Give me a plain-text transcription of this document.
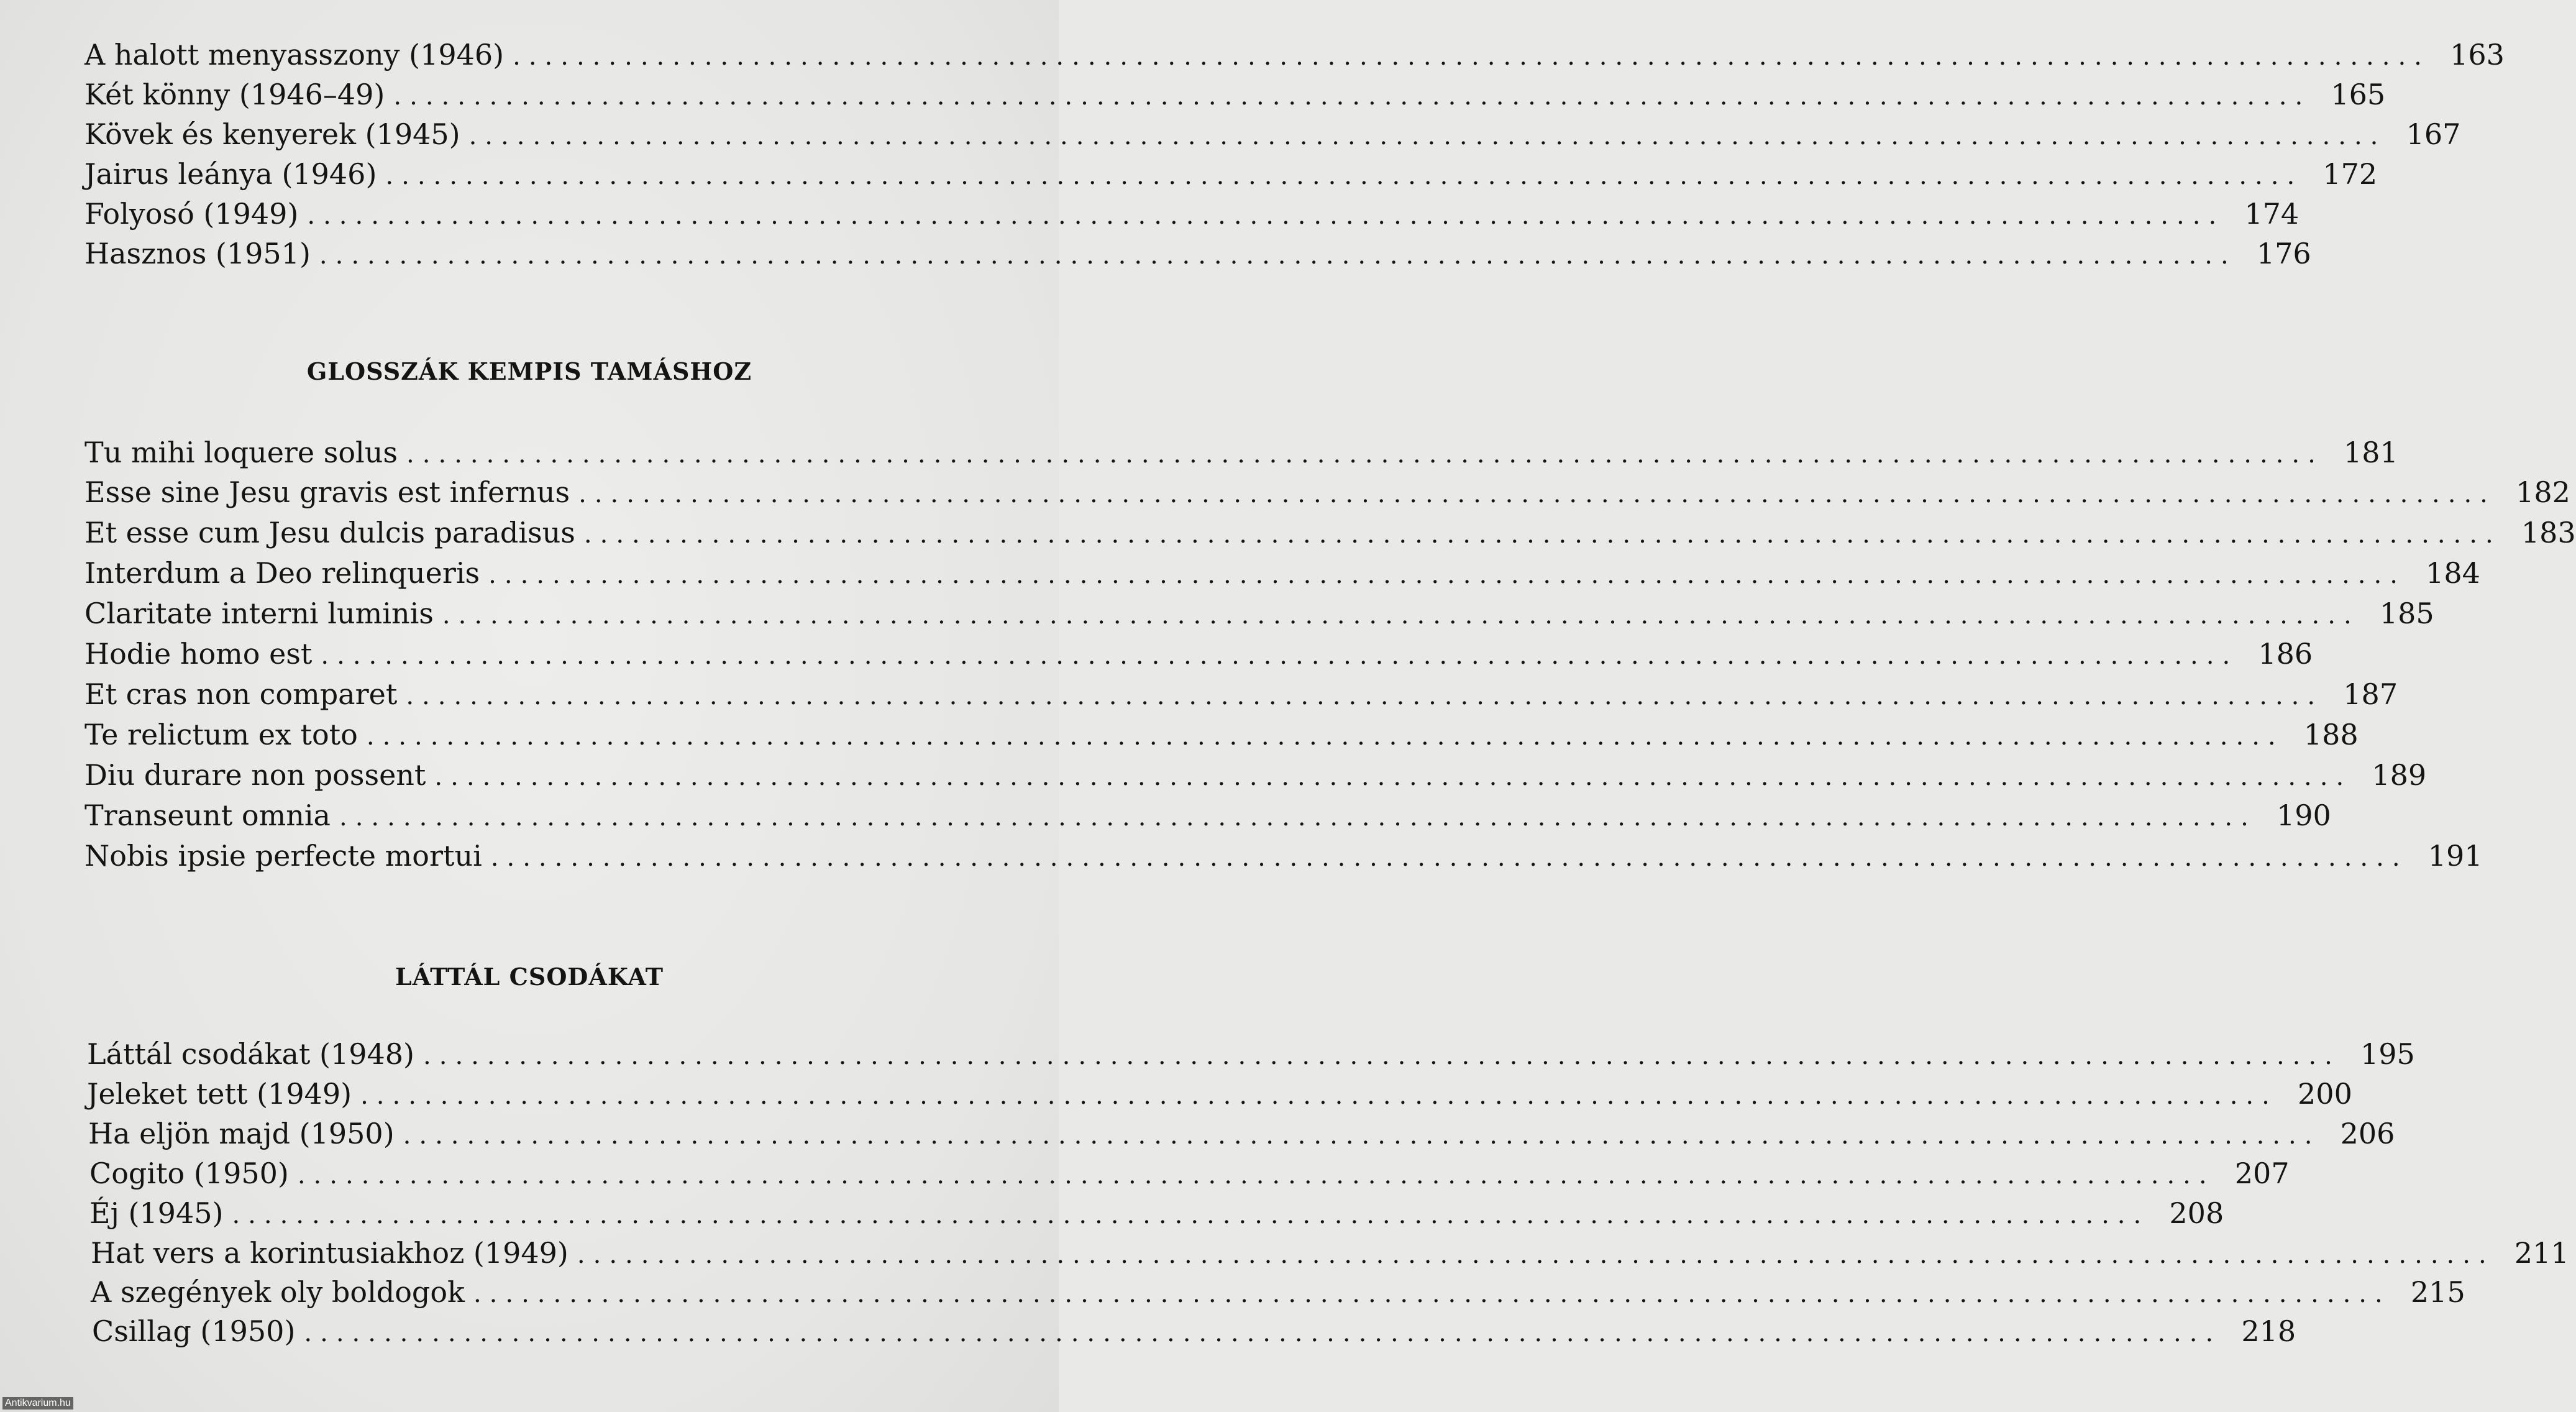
A halott menyasszony (1946) ........................................................................................................................ 163
Két könny (1946–49) ........................................................................................................................ 165
Kövek és kenyerek (1945) ........................................................................................................................ 167
Jairus leánya (1946) ........................................................................................................................ 172
Folyosó (1949) ........................................................................................................................ 174
Hasznos (1951) ........................................................................................................................ 176
GLOSSZÁK KEMPIS TAMÁSHOZ
Tu mihi loquere solus ........................................................................................................................ 181
Esse sine Jesu gravis est infernus ........................................................................................................................ 182
Et esse cum Jesu dulcis paradisus ........................................................................................................................ 183
Interdum a Deo relinqueris ........................................................................................................................ 184
Claritate interni luminis ........................................................................................................................ 185
Hodie homo est ........................................................................................................................ 186
Et cras non comparet ........................................................................................................................ 187
Te relictum ex toto ........................................................................................................................ 188
Diu durare non possent ........................................................................................................................ 189
Transeunt omnia ........................................................................................................................ 190
Nobis ipsie perfecte mortui ........................................................................................................................ 191
LÁTTÁL CSODÁKAT
Láttál csodákat (1948) ........................................................................................................................ 195
Jeleket tett (1949) ........................................................................................................................ 200
Ha eljön majd (1950) ........................................................................................................................ 206
Cogito (1950) ........................................................................................................................ 207
Éj (1945) ........................................................................................................................ 208
Hat vers a korintusiakhoz (1949) ........................................................................................................................ 211
A szegények oly boldogok ........................................................................................................................ 215
Csillag (1950) ........................................................................................................................ 218
Antikvarium.hu
